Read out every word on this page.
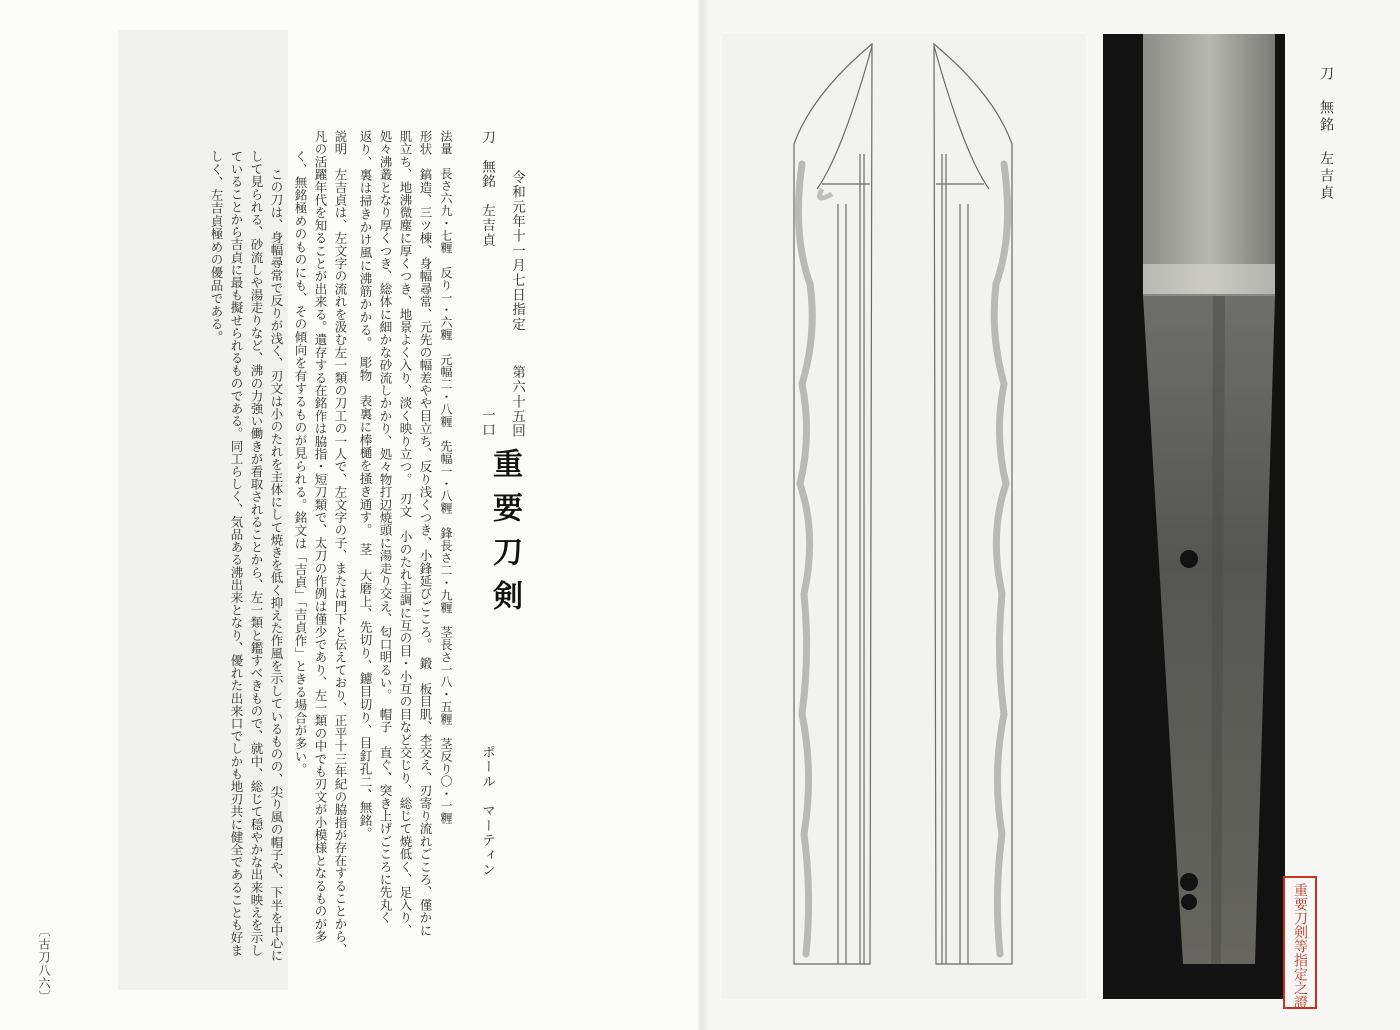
令和元年十一月七日指定
第六十五回
重要刀剣
刀　無銘　左吉貞
一口
ポール　マーティン
法量　長さ六九・七糎　反り一・六糎　元幅二・八糎　先幅一・八糎　鋒長さ二・九糎　茎長さ一八・五糎　茎反り〇・一糎
形状　鎬造、三ツ棟、身幅尋常、元先の幅差やや目立ち、反り浅くつき、小鋒延びごころ。　鍛　板目肌、杢交え、刃寄り流れごころ、僅かに
肌立ち、地沸微塵に厚くつき、地景よく入り、淡く映り立つ。　刃文　小のたれ主調に互の目・小互の目など交じり、総じて焼低く、足入り、
処々沸叢となり厚くつき、総体に細かな砂流しかかり、処々物打辺焼頭に湯走り交え、匂口明るい。　帽子　直ぐ、突き上げごころに先丸く
返り、裏は掃きかけ風に沸筋かかる。　彫物　表裏に棒樋を掻き通す。　茎　大磨上、先切り、鑢目切り、目釘孔二、無銘。
説明　左吉貞は、左文字の流れを汲む左一類の刀工の一人で、左文字の子、または門下と伝えており、正平十三年紀の脇指が存在することから、
凡の活躍年代を知ることが出来る。遺存する在銘作は脇指・短刀類で、太刀の作例は僅少であり、左一類の中でも刃文が小模様となるものが多
く、無銘極めのものにも、その傾向を有するものが見られる。銘文は「吉貞」「吉貞作」ときる場合が多い。
この刀は、身幅尋常で反りが浅く、刃文は小のたれを主体にして焼きを低く抑えた作風を示しているものの、尖り風の帽子や、下半を中心に
して見られる、砂流しや湯走りなど、沸の力強い働きが看取されることから、左一類と鑑すべきもので、就中、総じて穏やかな出来映えを示し
ていることから吉貞に最も擬せられるものである。同工らしく、気品ある沸出来となり、優れた出来口でしかも地刃共に健全であることも好ま
しく、左吉貞極めの優品である。
〔古刀八六〕
刀　無銘　左吉貞
重要刀剣等指定之證
